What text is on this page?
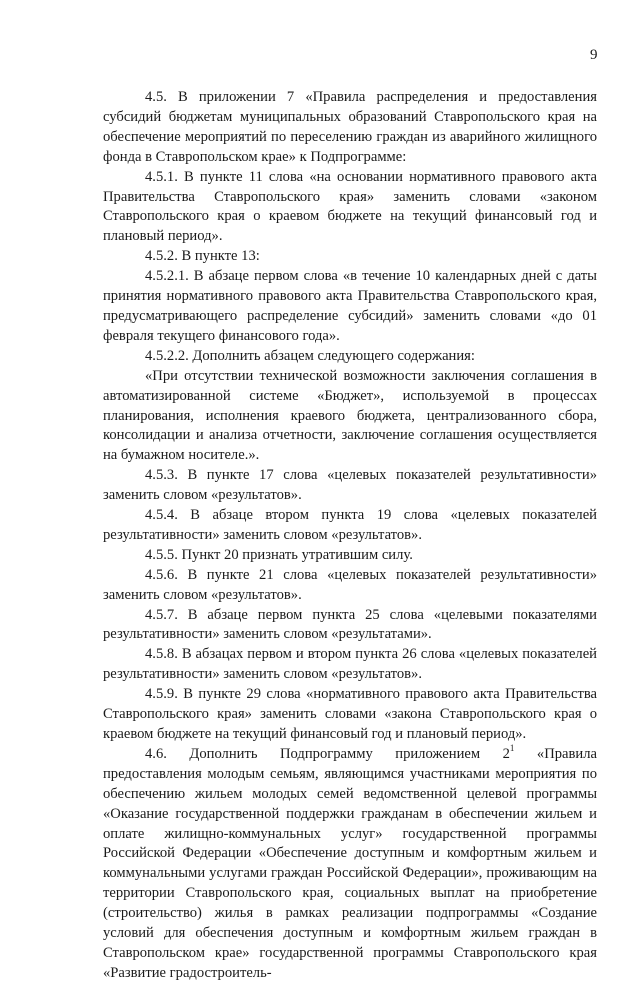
9

4.5. В приложении 7 «Правила распределения и предоставления субсидий бюджетам муниципальных образований Ставропольского края на обеспечение мероприятий по переселению граждан из аварийного жилищного фонда в Ставропольском крае» к Подпрограмме:

4.5.1. В пункте 11 слова «на основании нормативного правового акта Правительства Ставропольского края» заменить словами «законом Ставропольского края о краевом бюджете на текущий финансовый год и плановый период».

4.5.2. В пункте 13:

4.5.2.1. В абзаце первом слова «в течение 10 календарных дней с даты принятия нормативного правового акта Правительства Ставропольского края, предусматривающего распределение субсидий» заменить словами «до 01 февраля текущего финансового года».

4.5.2.2. Дополнить абзацем следующего содержания:

«При отсутствии технической возможности заключения соглашения в автоматизированной системе «Бюджет», используемой в процессах планирования, исполнения краевого бюджета, централизованного сбора, консолидации и анализа отчетности, заключение соглашения осуществляется на бумажном носителе.».

4.5.3. В пункте 17 слова «целевых показателей результативности» заменить словом «результатов».

4.5.4. В абзаце втором пункта 19 слова «целевых показателей результативности» заменить словом «результатов».

4.5.5. Пункт 20 признать утратившим силу.

4.5.6. В пункте 21 слова «целевых показателей результативности» заменить словом «результатов».

4.5.7. В абзаце первом пункта 25 слова «целевыми показателями результативности» заменить словом «результатами».

4.5.8. В абзацах первом и втором пункта 26 слова «целевых показателей результативности» заменить словом «результатов».

4.5.9. В пункте 29 слова «нормативного правового акта Правительства Ставропольского края» заменить словами «закона Ставропольского края о краевом бюджете на текущий финансовый год и плановый период».

4.6. Дополнить Подпрограмму приложением $2^1$ «Правила предоставления молодым семьям, являющимся участниками мероприятия по обеспечению жильем молодых семей ведомственной целевой программы «Оказание государственной поддержки гражданам в обеспечении жильем и оплате жилищно-коммунальных услуг» государственной программы Российской Федерации «Обеспечение доступным и комфортным жильем и коммунальными услугами граждан Российской Федерации», проживающим на территории Ставропольского края, социальных выплат на приобретение (строительство) жилья в рамках реализации подпрограммы «Создание условий для обеспечения доступным и комфортным жильем граждан в Ставропольском крае» государственной программы Ставропольского края «Развитие градостроитель-
